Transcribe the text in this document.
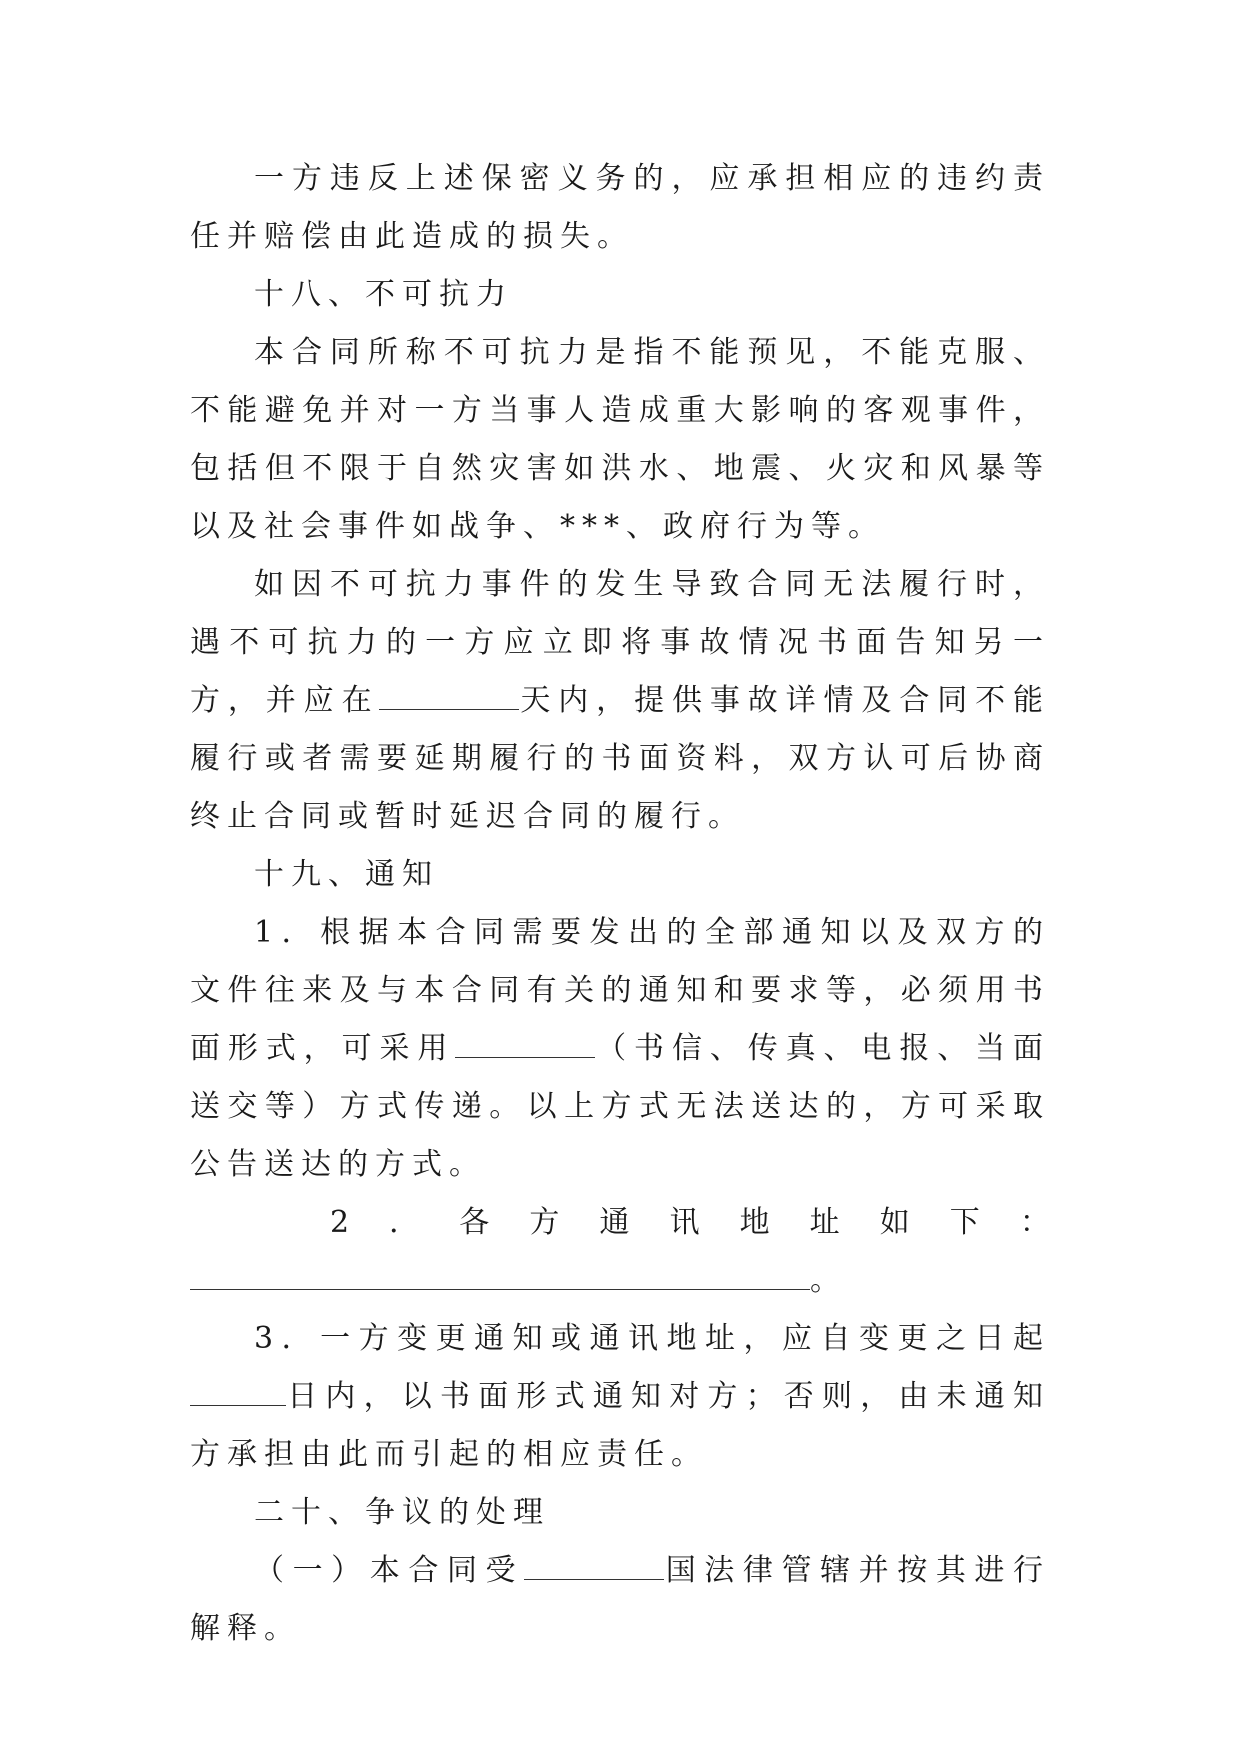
一方违反上述保密义务的，应承担相应的违约责任并赔偿由此造成的损失。

十八、不可抗力

本合同所称不可抗力是指不能预见，不能克服、不能避免并对一方当事人造成重大影响的客观事件，包括但不限于自然灾害如洪水、地震、火灾和风暴等以及社会事件如战争、***、政府行为等。

如因不可抗力事件的发生导致合同无法履行时，遇不可抗力的一方应立即将事故情况书面告知另一方，并应在	天内，提供事故详情及合同不能履行或者需要延期履行的书面资料，双方认可后协商终止合同或暂时延迟合同的履行。

十九、通知

1．根据本合同需要发出的全部通知以及双方的文件往来及与本合同有关的通知和要求等，必须用书面形式，可采用	（书信、传真、电报、当面送交等）方式传递。以上方式无法送达的，方可采取公告送达的方式。

2 ． 各 方 通 讯 地 址 如 下 ：

。

3．一方变更通知或通讯地址，应自变更之日起日内，以书面形式通知对方；否则，由未通知方承担由此而引起的相应责任。

二十、争议的处理

（一）本合同受	国法律管辖并按其进行解释。
